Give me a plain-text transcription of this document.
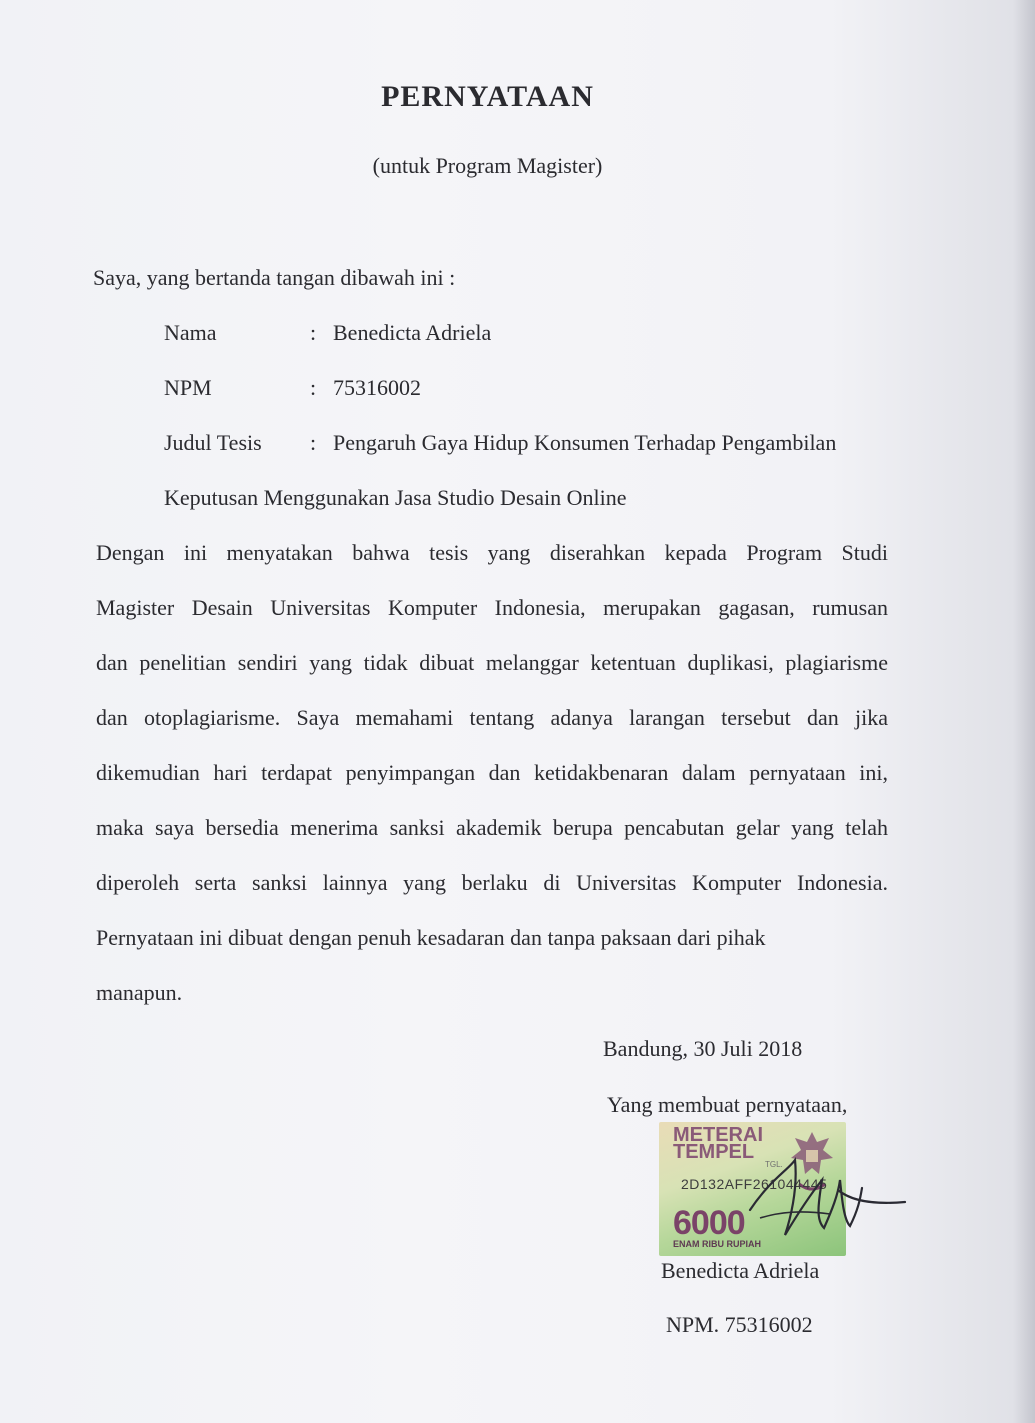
PERNYATAAN
(untuk Program Magister)
Saya, yang bertanda tangan dibawah ini :
Nama	: Benedicta Adriela
NPM	: 75316002
Judul Tesis : Pengaruh Gaya Hidup Konsumen Terhadap Pengambilan
Keputusan Menggunakan Jasa Studio Desain Online
Dengan ini menyatakan bahwa tesis yang diserahkan kepada Program Studi
Magister Desain Universitas Komputer Indonesia, merupakan gagasan, rumusan
dan penelitian sendiri yang tidak dibuat melanggar ketentuan duplikasi, plagiarisme
dan otoplagiarisme. Saya memahami tentang adanya larangan tersebut dan jika
dikemudian hari terdapat penyimpangan dan ketidakbenaran dalam pernyataan ini,
maka saya bersedia menerima sanksi akademik berupa pencabutan gelar yang telah
diperoleh serta sanksi lainnya yang berlaku di Universitas Komputer Indonesia.
Pernyataan ini dibuat dengan penuh kesadaran dan tanpa paksaan dari pihak
manapun.
Bandung, 30 Juli 2018
Yang membuat pernyataan,
METERAI
TEMPEL
TGL.
2D132AFF261044445
6000
ENAM RIBU RUPIAH
Benedicta Adriela
NPM. 75316002
